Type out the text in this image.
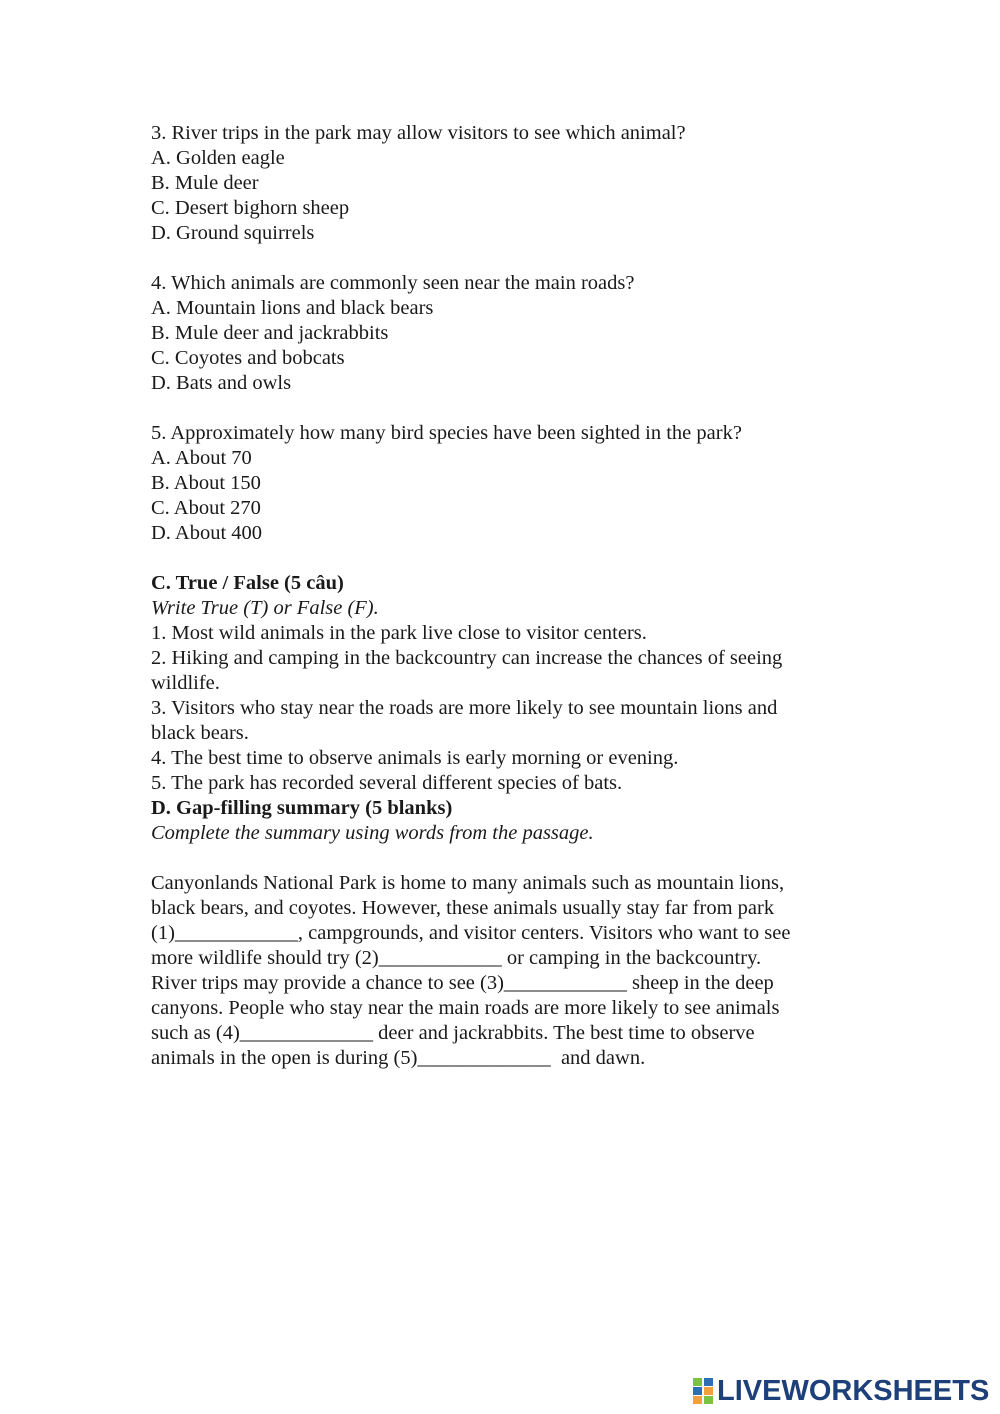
3. River trips in the park may allow visitors to see which animal?
A. Golden eagle
B. Mule deer
C. Desert bighorn sheep
D. Ground squirrels
4. Which animals are commonly seen near the main roads?
A. Mountain lions and black bears
B. Mule deer and jackrabbits
C. Coyotes and bobcats
D. Bats and owls
5. Approximately how many bird species have been sighted in the park?
A. About 70
B. About 150
C. About 270
D. About 400
C. True / False (5 câu)
Write True (T) or False (F).
1. Most wild animals in the park live close to visitor centers.
2. Hiking and camping in the backcountry can increase the chances of seeing
wildlife.
3. Visitors who stay near the roads are more likely to see mountain lions and
black bears.
4. The best time to observe animals is early morning or evening.
5. The park has recorded several different species of bats.
D. Gap-filling summary (5 blanks)
Complete the summary using words from the passage.
Canyonlands National Park is home to many animals such as mountain lions,
black bears, and coyotes. However, these animals usually stay far from park
(1)____________, campgrounds, and visitor centers. Visitors who want to see
more wildlife should try (2)____________ or camping in the backcountry.
River trips may provide a chance to see (3)____________ sheep in the deep
canyons. People who stay near the main roads are more likely to see animals
such as (4)_____________ deer and jackrabbits. The best time to observe
animals in the open is during (5)_____________  and dawn.
LIVEWORKSHEETS
